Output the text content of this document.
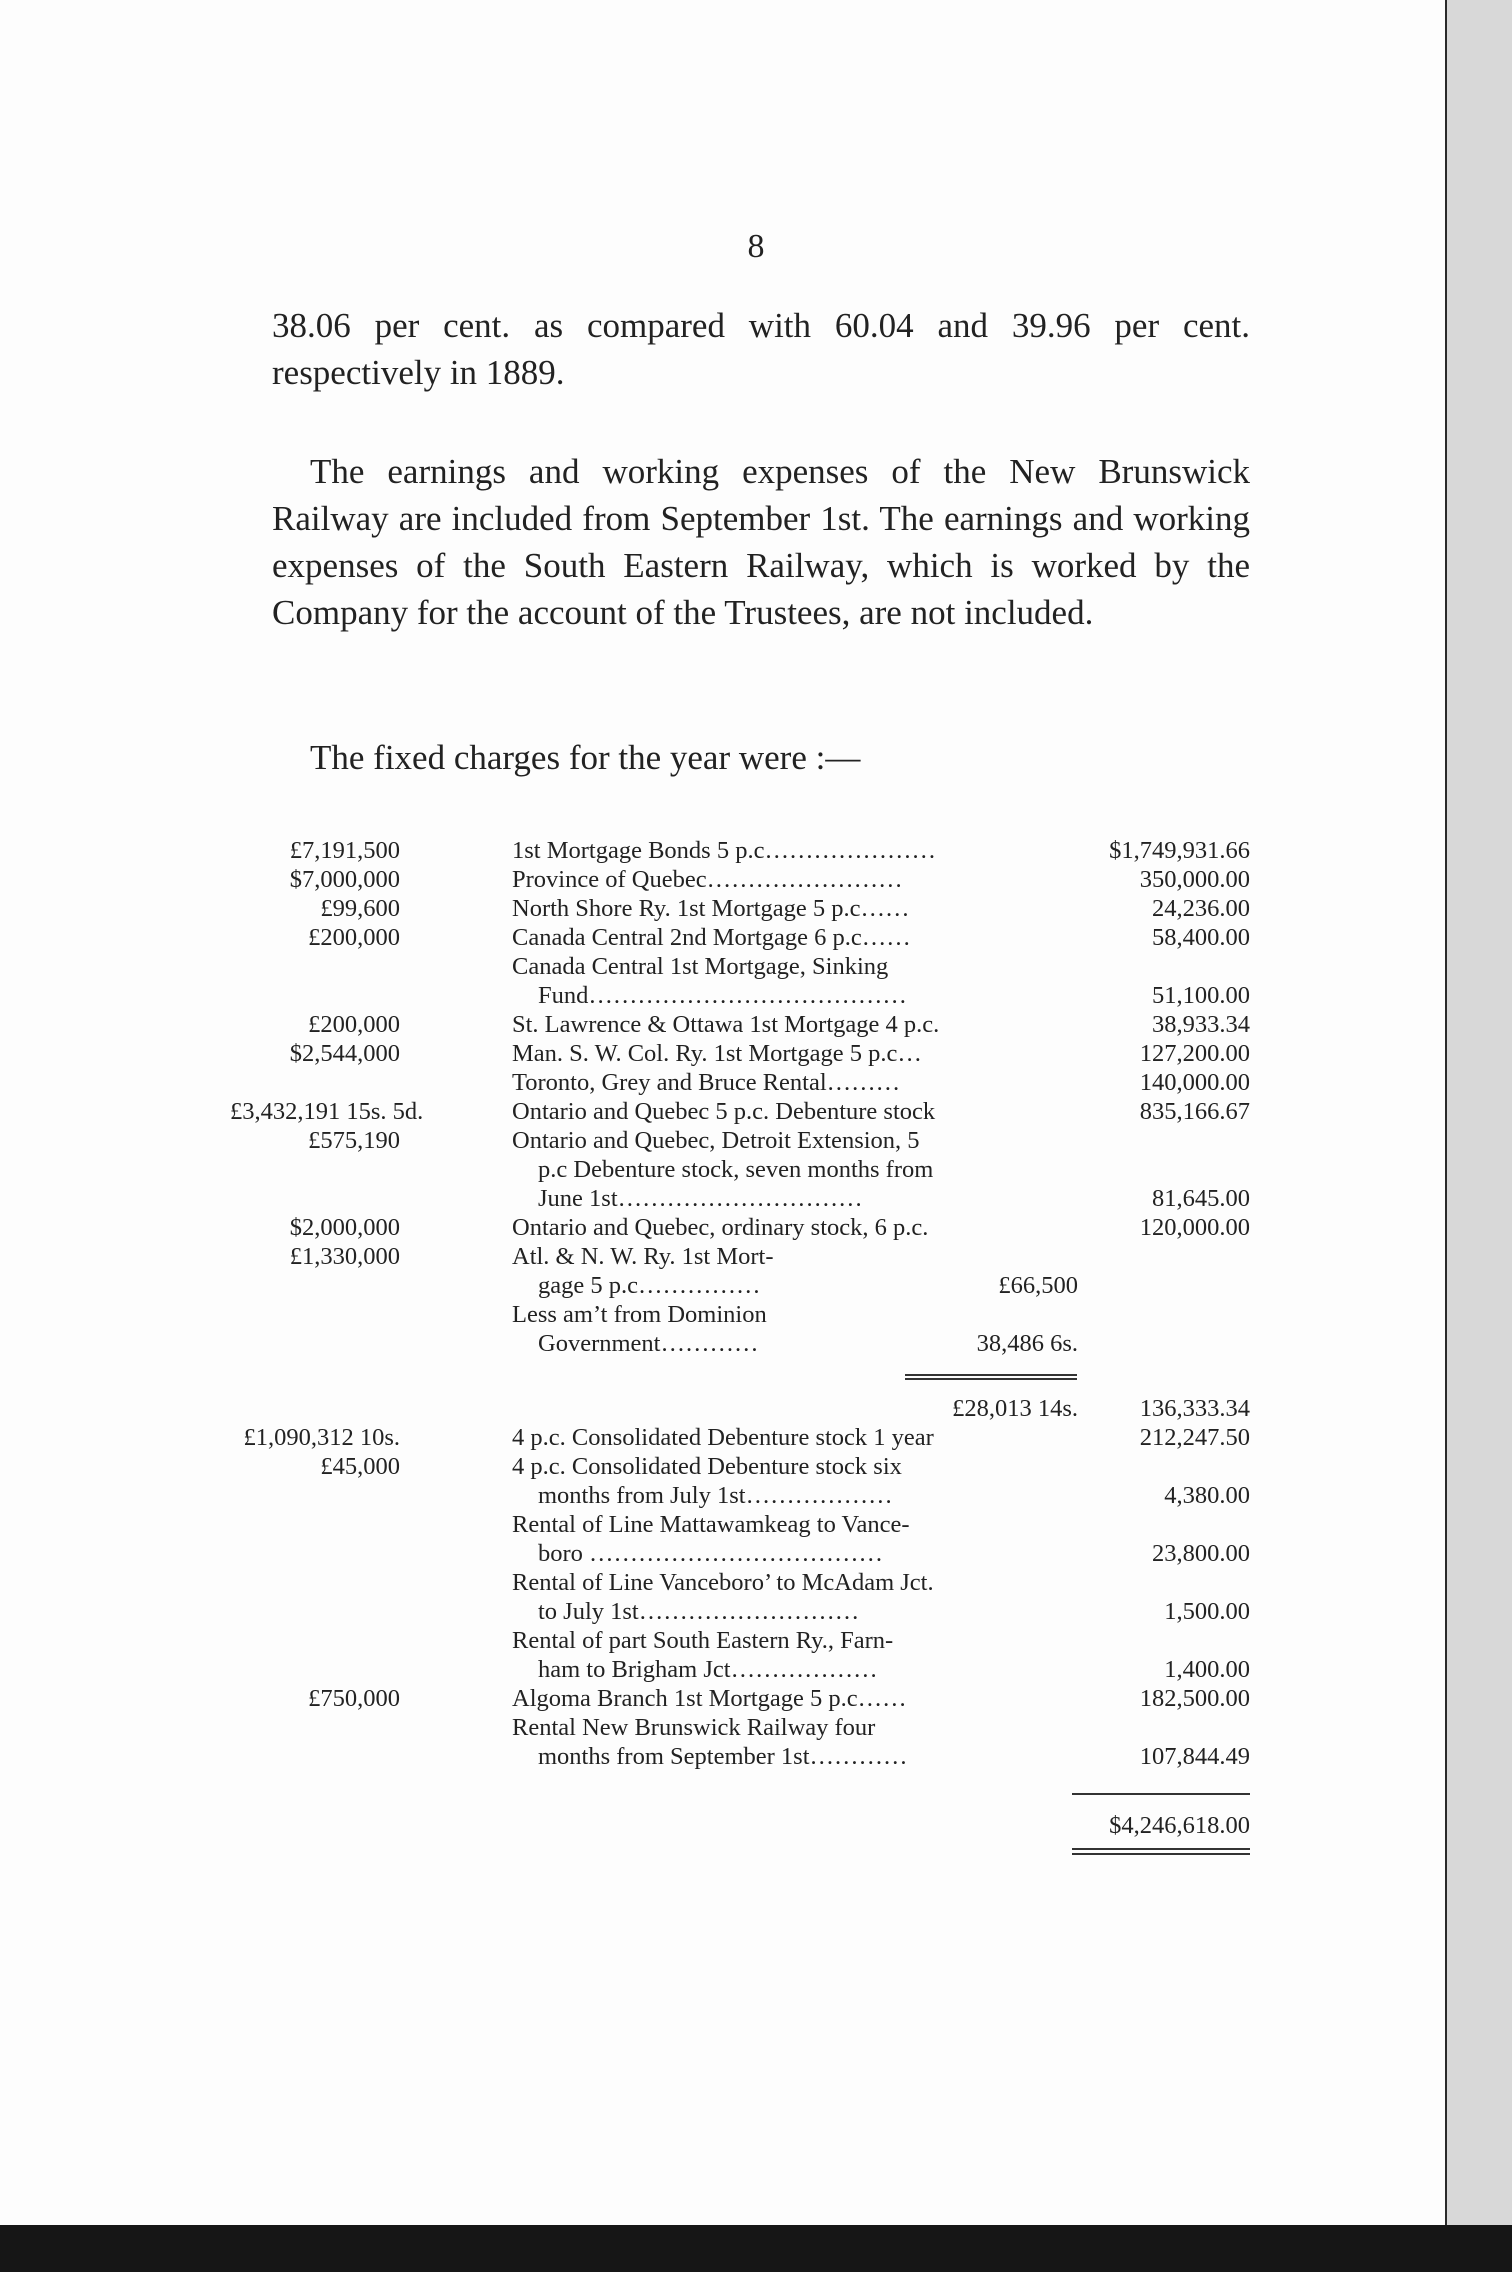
8
38.06 per cent. as compared with 60.04 and 39.96 per cent. respectively in 1889.
The earnings and working expenses of the New Brunswick Railway are included from September 1st. The earnings and working expenses of the South Eastern Railway, which is worked by the Company for the account of the Trustees, are not included.
The fixed charges for the year were :—
£7,191,500	1st Mortgage Bonds 5 p.c…………………	$1,749,931.66
$7,000,000	Province of Quebec……………………	350,000.00
£99,600	North Shore Ry. 1st Mortgage 5 p.c……	24,236.00
£200,000	Canada Central 2nd Mortgage 6 p.c……	58,400.00
Canada Central 1st Mortgage, Sinking
Fund…………………………………	51,100.00
£200,000	St. Lawrence & Ottawa 1st Mortgage 4 p.c.	38,933.34
$2,544,000	Man. S. W. Col. Ry. 1st Mortgage 5 p.c…	127,200.00
Toronto, Grey and Bruce Rental………	140,000.00
£3,432,191 15s. 5d.	Ontario and Quebec 5 p.c. Debenture stock	835,166.67
£575,190	Ontario and Quebec, Detroit Extension, 5
p.c Debenture stock, seven months from
June 1st…………………………	81,645.00
$2,000,000	Ontario and Quebec, ordinary stock, 6 p.c.	120,000.00
£1,330,000	Atl. & N. W. Ry. 1st Mort-
gage 5 p.c……………	£66,500
Less am’t from Dominion
Government…………	38,486 6s.
£28,013 14s.	136,333.34
£1,090,312 10s.	4 p.c. Consolidated Debenture stock 1 year	212,247.50
£45,000	4 p.c. Consolidated Debenture stock six
months from July 1st………………	4,380.00
Rental of Line Mattawamkeag to Vance-
boro ………………………………	23,800.00
Rental of Line Vanceboro’ to McAdam Jct.
to July 1st………………………	1,500.00
Rental of part South Eastern Ry., Farn-
ham to Brigham Jct………………	1,400.00
£750,000	Algoma Branch 1st Mortgage 5 p.c……	182,500.00
Rental New Brunswick Railway four
months from September 1st…………	107,844.49
$4,246,618.00
